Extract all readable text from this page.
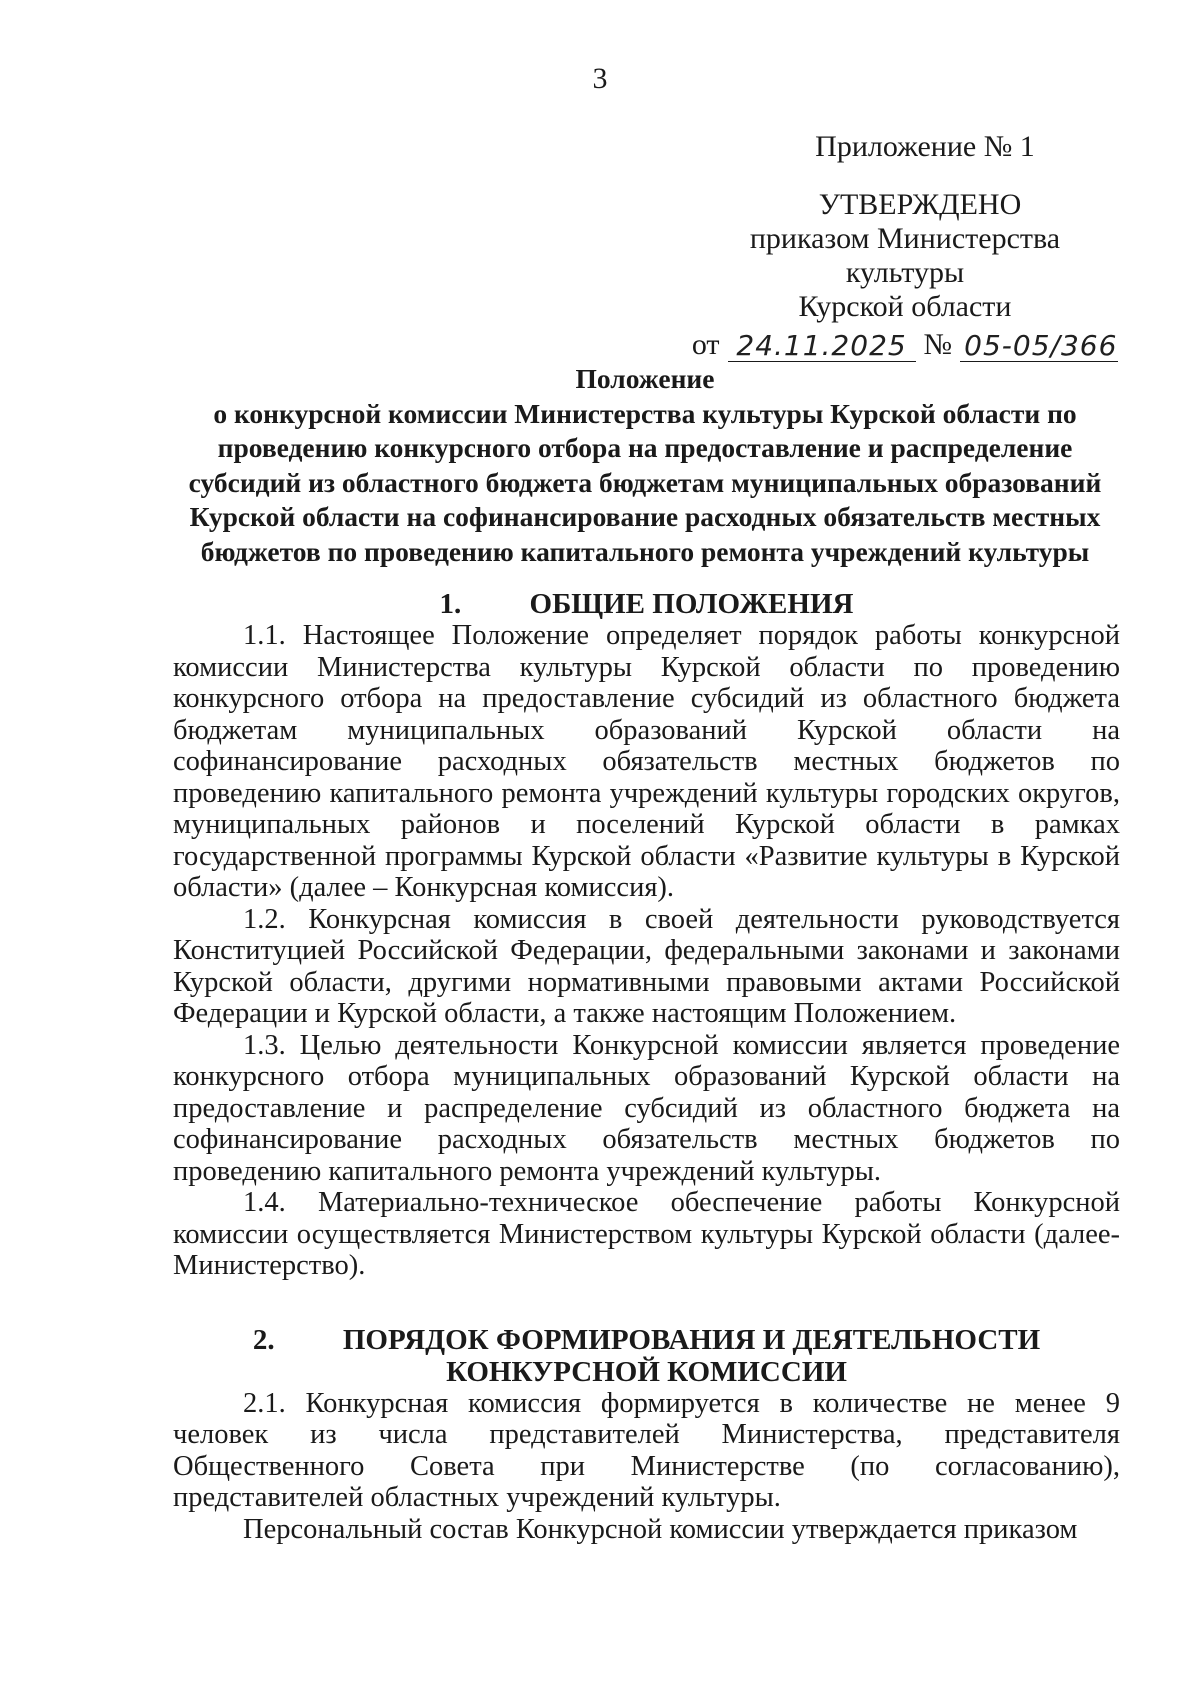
3
Приложение № 1
УТВЕРЖДЕНО
приказом Министерства культуры
Курской области
от 24.11.2025 № 05-05/366
Положение
о конкурсной комиссии Министерства культуры Курской области по
проведению конкурсного отбора на предоставление и распределение
субсидий из областного бюджета бюджетам муниципальных образований
Курской области на софинансирование расходных обязательств местных
бюджетов по проведению капитального ремонта учреждений культуры
1. ОБЩИЕ ПОЛОЖЕНИЯ

1.1. Настоящее Положение определяет порядок работы конкурсной комиссии Министерства культуры Курской области по проведению конкурсного отбора на предоставление субсидий из областного бюджета бюджетам муниципальных образований Курской области на софинансирование расходных обязательств местных бюджетов по проведению капитального ремонта учреждений культуры городских округов, муниципальных районов и поселений Курской области в рамках государственной программы Курской области «Развитие культуры в Курской области» (далее – Конкурсная комиссия).

1.2. Конкурсная комиссия в своей деятельности руководствуется Конституцией Российской Федерации, федеральными законами и законами Курской области, другими нормативными правовыми актами Российской Федерации и Курской области, а также настоящим Положением.

1.3. Целью деятельности Конкурсной комиссии является проведение конкурсного отбора муниципальных образований Курской области на предоставление и распределение субсидий из областного бюджета на софинансирование расходных обязательств местных бюджетов по проведению капитального ремонта учреждений культуры.

1.4. Материально-техническое обеспечение работы Конкурсной комиссии осуществляется Министерством культуры Курской области (далее-Министерство).

2. ПОРЯДОК ФОРМИРОВАНИЯ И ДЕЯТЕЛЬНОСТИ
КОНКУРСНОЙ КОМИССИИ

2.1. Конкурсная комиссия формируется в количестве не менее 9 человек из числа представителей Министерства, представителя Общественного Совета при Министерстве (по согласованию), представителей областных учреждений культуры.

Персональный состав Конкурсной комиссии утверждается приказом
